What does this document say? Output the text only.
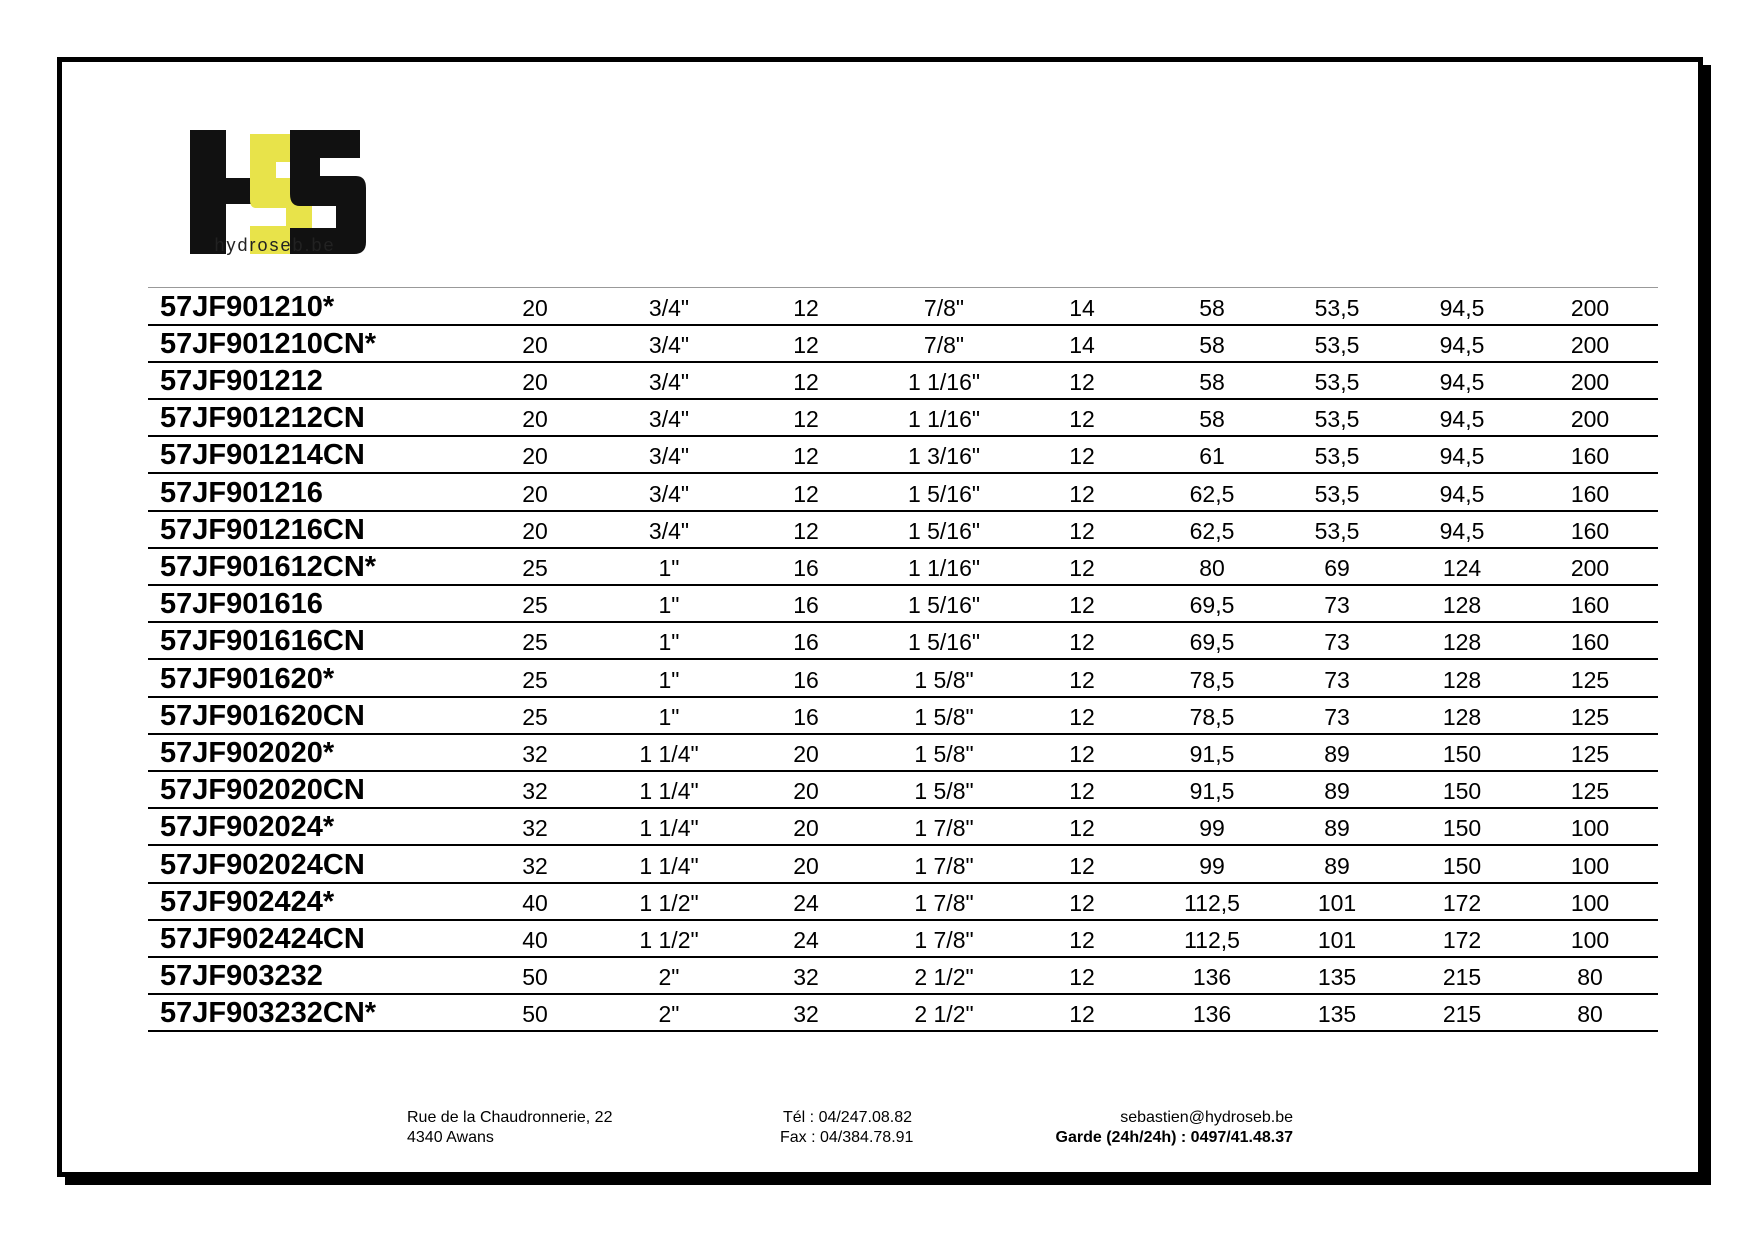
hydroseb.be
57JF901210*	20	3/4"	12	7/8"	14	58	53,5	94,5	200
57JF901210CN*	20	3/4"	12	7/8"	14	58	53,5	94,5	200
57JF901212	20	3/4"	12	1 1/16"	12	58	53,5	94,5	200
57JF901212CN	20	3/4"	12	1 1/16"	12	58	53,5	94,5	200
57JF901214CN	20	3/4"	12	1 3/16"	12	61	53,5	94,5	160
57JF901216	20	3/4"	12	1 5/16"	12	62,5	53,5	94,5	160
57JF901216CN	20	3/4"	12	1 5/16"	12	62,5	53,5	94,5	160
57JF901612CN*	25	1"	16	1 1/16"	12	80	69	124	200
57JF901616	25	1"	16	1 5/16"	12	69,5	73	128	160
57JF901616CN	25	1"	16	1 5/16"	12	69,5	73	128	160
57JF901620*	25	1"	16	1 5/8"	12	78,5	73	128	125
57JF901620CN	25	1"	16	1 5/8"	12	78,5	73	128	125
57JF902020*	32	1 1/4"	20	1 5/8"	12	91,5	89	150	125
57JF902020CN	32	1 1/4"	20	1 5/8"	12	91,5	89	150	125
57JF902024*	32	1 1/4"	20	1 7/8"	12	99	89	150	100
57JF902024CN	32	1 1/4"	20	1 7/8"	12	99	89	150	100
57JF902424*	40	1 1/2"	24	1 7/8"	12	112,5	101	172	100
57JF902424CN	40	1 1/2"	24	1 7/8"	12	112,5	101	172	100
57JF903232	50	2"	32	2 1/2"	12	136	135	215	80
57JF903232CN*	50	2"	32	2 1/2"	12	136	135	215	80
Rue de la Chaudronnerie, 22
4340 Awans
Tél : 04/247.08.82
Fax : 04/384.78.91
sebastien@hydroseb.be
Garde (24h/24h) : 0497/41.48.37
